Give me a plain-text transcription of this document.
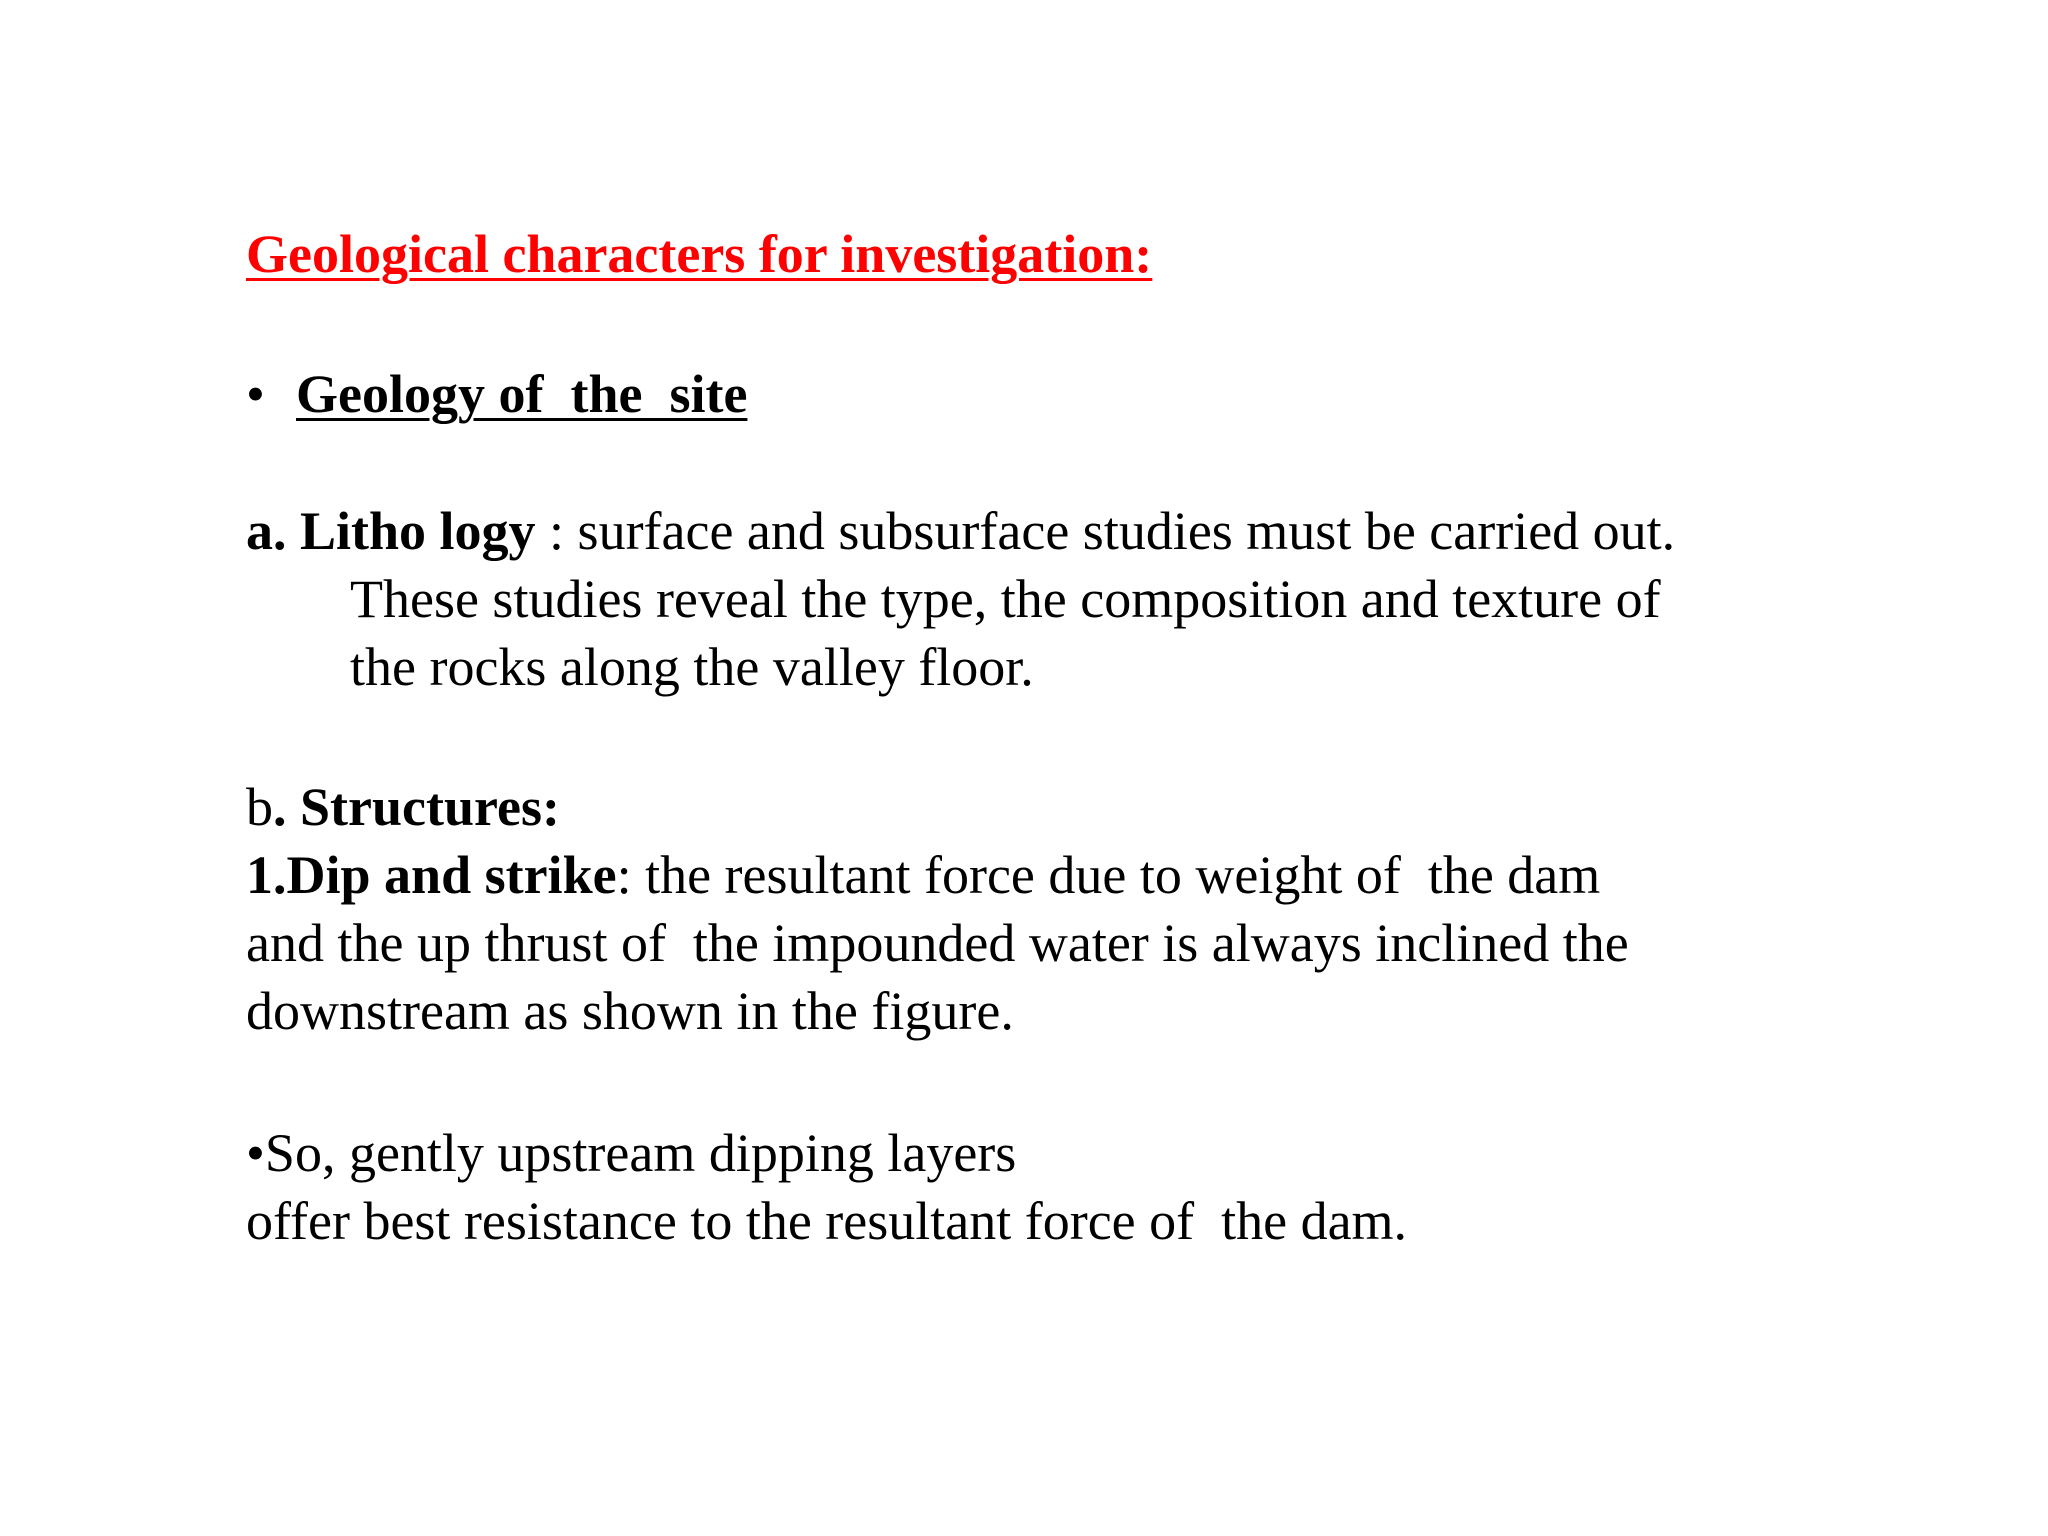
Geological characters for investigation:
• Geology of  the  site
a. Litho logy : surface and subsurface studies must be carried out.
These studies reveal the type, the composition and texture of
the rocks along the valley floor.
b. Structures:
1.Dip and strike: the resultant force due to weight of  the dam
and the up thrust of  the impounded water is always inclined the
downstream as shown in the figure.
•So, gently upstream dipping layers
offer best resistance to the resultant force of  the dam.
